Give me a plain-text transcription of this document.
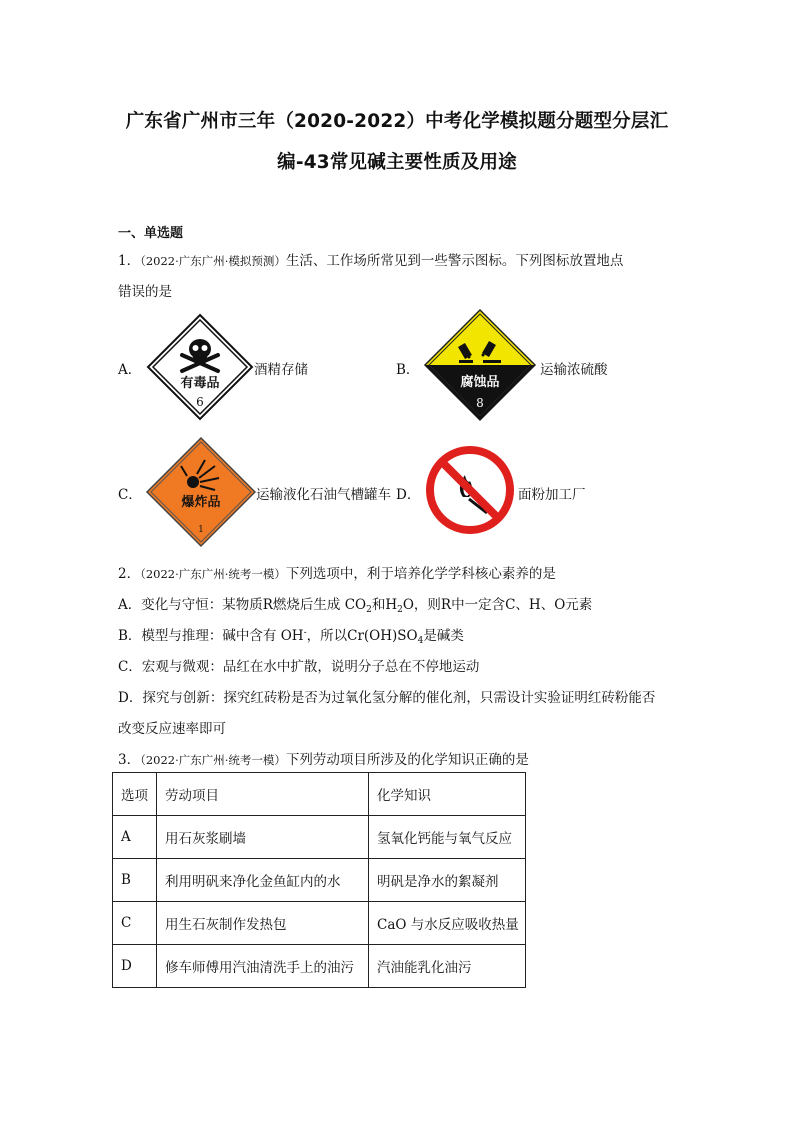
广东省广州市三年（2020-2022）中考化学模拟题分题型分层汇
编-43常见碱主要性质及用途
一、单选题
1．（2022·广东广州·模拟预测）生活、工作场所常见到一些警示图标。下列图标放置地点
错误的是
A．
有毒品
6
酒精存储	B．
腐蚀品
8
运输浓硫酸
C．	爆炸品
1
运输液化石油气槽罐车 D．	面粉加工厂
2．（2022·广东广州·统考一模）下列选项中，利于培养化学学科核心素养的是
A．变化与守恒：某物质R燃烧后生成 $CO_2$和$H_2O$，则R中一定含C、H、O元素
B．模型与推理：碱中含有 OH-，所以$Cr(OH)SO_4$是碱类
C．宏观与微观：品红在水中扩散，说明分子总在不停地运动
D．探究与创新：探究红砖粉是否为过氧化氢分解的催化剂，只需设计实验证明红砖粉能否
改变反应速率即可
3．（2022·广东广州·统考一模）下列劳动项目所涉及的化学知识正确的是
选项	劳动项目	化学知识
A	用石灰浆刷墙	氢氧化钙能与氧气反应
B	利用明矾来净化金鱼缸内的水	明矾是净水的絮凝剂
C	用生石灰制作发热包	CaO 与水反应吸收热量
D	修车师傅用汽油清洗手上的油污	汽油能乳化油污
